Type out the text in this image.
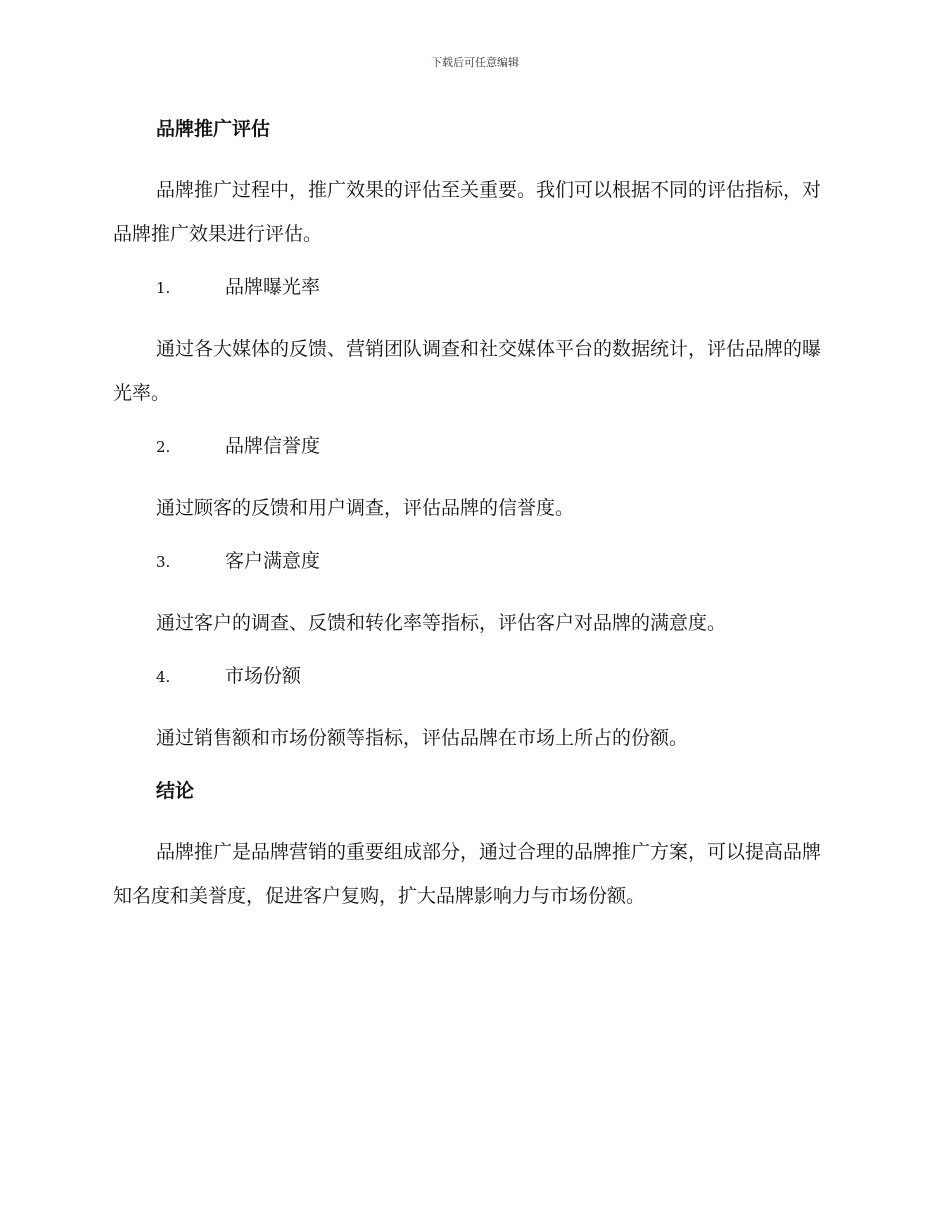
下载后可任意编辑
品牌推广评估

品牌推广过程中，推广效果的评估至关重要。我们可以根据不同的评估指标，对品牌推广效果进行评估。

1.	品牌曝光率

通过各大媒体的反馈、营销团队调查和社交媒体平台的数据统计，评估品牌的曝光率。

2.	品牌信誉度

通过顾客的反馈和用户调查，评估品牌的信誉度。

3.	客户满意度

通过客户的调查、反馈和转化率等指标，评估客户对品牌的满意度。

4.	市场份额

通过销售额和市场份额等指标，评估品牌在市场上所占的份额。

结论

品牌推广是品牌营销的重要组成部分，通过合理的品牌推广方案，可以提高品牌知名度和美誉度，促进客户复购，扩大品牌影响力与市场份额。
